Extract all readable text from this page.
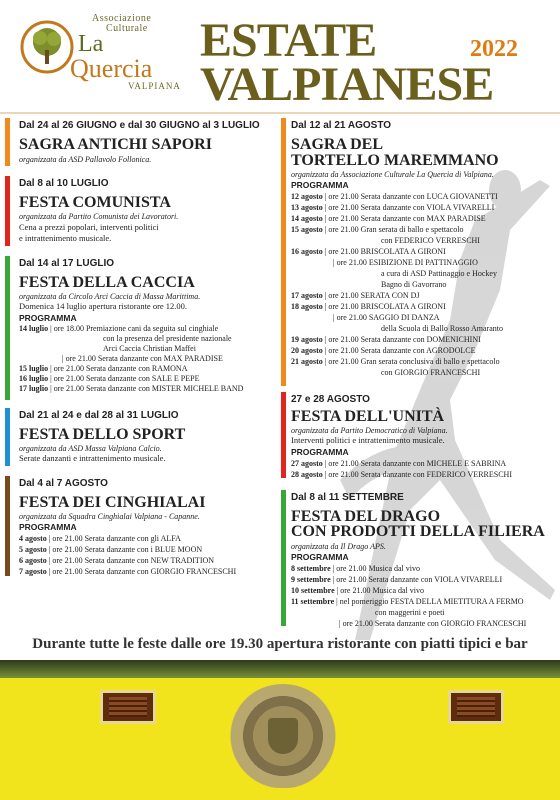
Associazione
Culturale
La
Quercia
VALPIANA
ESTATE
VALPIANESE
2022
Dal 24 al 26 GIUGNO e dal 30 GIUGNO al 3 LUGLIO
SAGRA ANTICHI SAPORI
organizzata da ASD Pallavolo Follonica.
Dal 8 al 10 LUGLIO
FESTA COMUNISTA
organizzata da Partito Comunista dei Lavoratori.
Cena a prezzi popolari, interventi politici
e intrattenimento musicale.
Dal 14 al 17 LUGLIO
FESTA DELLA CACCIA
organizzata da Circolo Arci Caccia di Massa Marittima.
Domenica 14 luglio apertura ristorante ore 12.00.
PROGRAMMA
14 luglio | ore 18.00 Premiazione cani da seguita sul cinghiale
con la presenza del presidente nazionale
Arci Caccia Christian Maffei
| ore 21.00 Serata danzante con MAX PARADISE
15 luglio | ore 21.00 Serata danzante con RAMONA
16 luglio | ore 21.00 Serata danzante con SALE E PEPE
17 luglio | ore 21.00 Serata danzante con MISTER MICHELE BAND
Dal 21 al 24 e dal 28 al 31 LUGLIO
FESTA DELLO SPORT
organizzata da ASD Massa Valpiana Calcio.
Serate danzanti e intrattenimento musicale.
Dal 4 al 7 AGOSTO
FESTA DEI CINGHIALAI
organizzata da Squadra Cinghialai Valpiana - Capanne.
PROGRAMMA
4 agosto | ore 21.00 Serata danzante con gli ALFA
5 agosto | ore 21.00 Serata danzante con i BLUE MOON
6 agosto | ore 21.00 Serata danzante con NEW TRADITION
7 agosto | ore 21.00 Serata danzante con GIORGIO FRANCESCHI
Dal 12 al 21 AGOSTO
SAGRA DEL
TORTELLO MAREMMANO
organizzata da Associazione Culturale La Quercia di Valpiana.
PROGRAMMA
12 agosto | ore 21.00 Serata danzante con LUCA GIOVANETTI
13 agosto | ore 21.00 Serata danzante con VIOLA VIVARELLI
14 agosto | ore 21.00 Serata danzante con MAX PARADISE
15 agosto | ore 21.00 Gran serata di ballo e spettacolo
con FEDERICO VERRESCHI
16 agosto | ore 21.00 BRISCOLATA A GIRONI
| ore 21.00 ESIBIZIONE DI PATTINAGGIO
a cura di ASD Pattinaggio e Hockey
Bagno di Gavorrano
17 agosto | ore 21.00 SERATA CON DJ
18 agosto | ore 21.00 BRISCOLATA A GIRONI
| ore 21.00 SAGGIO DI DANZA
della Scuola di Ballo Rosso Amaranto
19 agosto | ore 21.00 Serata danzante con DOMENICHINI
20 agosto | ore 21.00 Serata danzante con AGRODOLCE
21 agosto | ore 21.00 Gran serata conclusiva di ballo e spettacolo
con GIORGIO FRANCESCHI
27 e 28 AGOSTO
FESTA DELL'UNITÀ
organizzata da Partito Democratico di Valpiana.
Interventi politici e intrattenimento musicale.
PROGRAMMA
27 agosto | ore 21.00 Serata danzante con MICHELE E SABRINA
28 agosto | ore 21.00 Serata danzante con FEDERICO VERRESCHI
Dal 8 al 11 SETTEMBRE
FESTA DEL DRAGO
CON PRODOTTI DELLA FILIERA
organizzata da Il Drago APS.
PROGRAMMA
8 settembre | ore 21.00 Musica dal vivo
9 settembre | ore 21.00 Serata danzante con VIOLA VIVARELLI
10 settembre | ore 21.00 Musica dal vivo
11 settembre | nel pomeriggio FESTA DELLA MIETITURA A FERMO
con maggerini e poeti
| ore 21.00 Serata danzante con GIORGIO FRANCESCHI
Durante tutte le feste dalle ore 19.30 apertura ristorante con piatti tipici e bar
